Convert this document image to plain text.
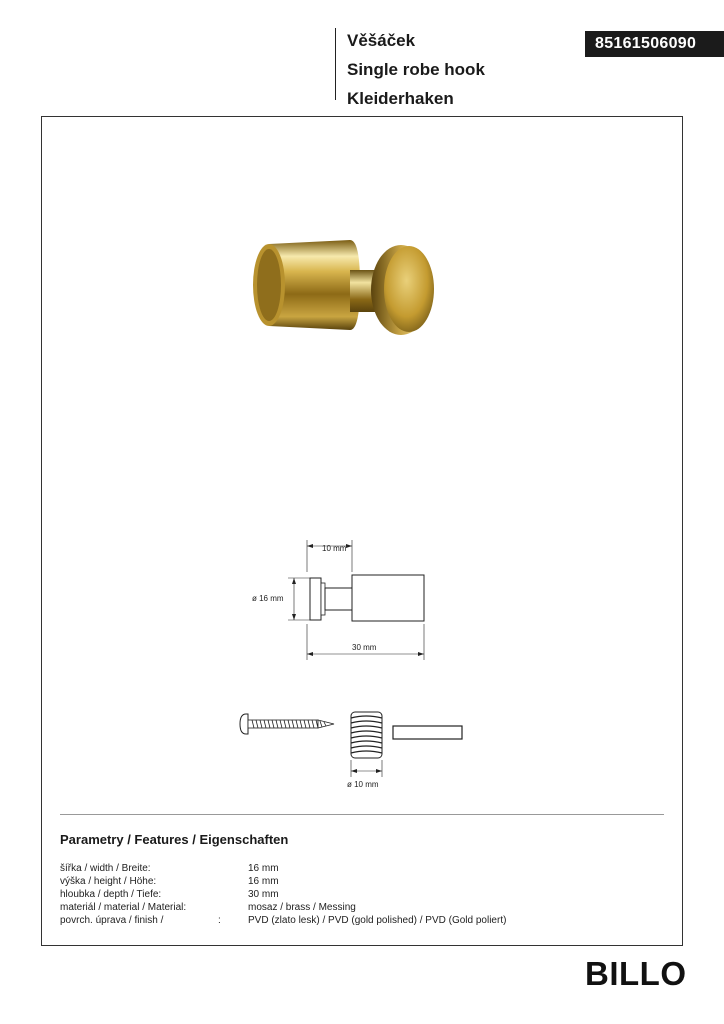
Věšáček
Single robe hook
Kleiderhaken
85161506090
10 mm
ø 16 mm
30 mm
ø 10 mm
Parametry / Features / Eigenschaften
šířka / width / Breite:	16 mm
výška / height / Höhe:	16 mm
hloubka / depth / Tiefe:	30 mm
materiál / material / Material:	mosaz / brass / Messing
povrch. úprava / finish /	:	PVD (zlato lesk) / PVD (gold polished) / PVD (Gold poliert)
BILLO
